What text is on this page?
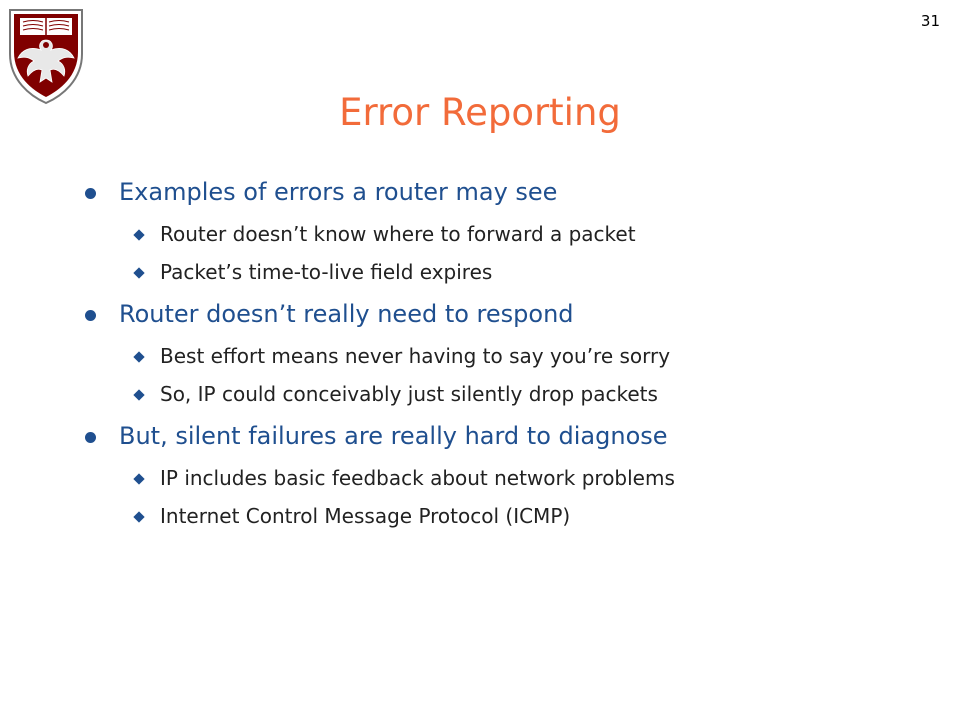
31
Error Reporting
Examples of errors a router may see
Router doesn’t know where to forward a packet
Packet’s time-to-live field expires
Router doesn’t really need to respond
Best effort means never having to say you’re sorry
So, IP could conceivably just silently drop packets
But, silent failures are really hard to diagnose
IP includes basic feedback about network problems
Internet Control Message Protocol (ICMP)
